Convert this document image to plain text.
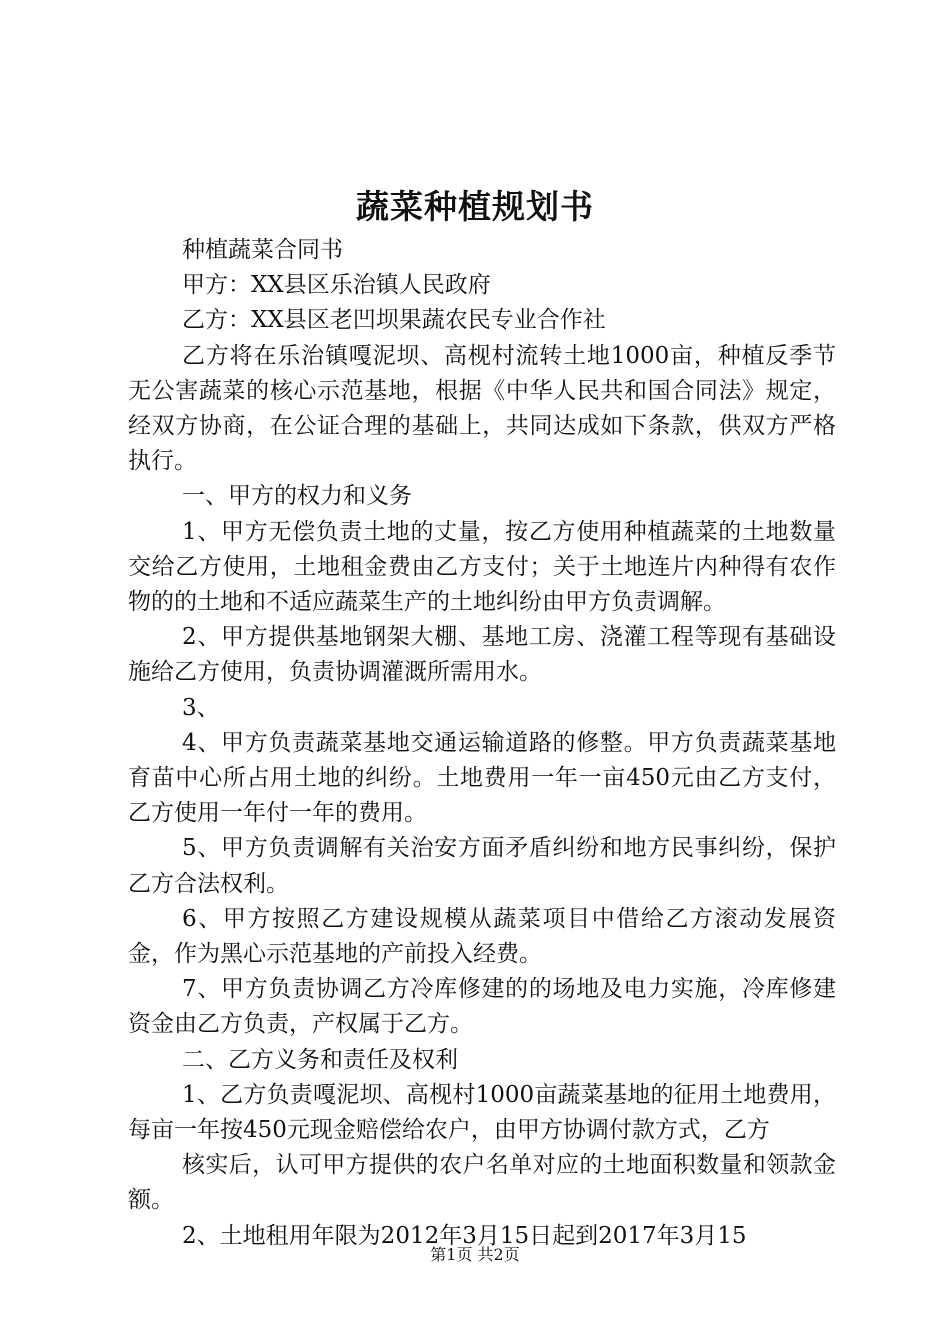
蔬菜种植规划书

种植蔬菜合同书

甲方：XX县区乐治镇人民政府

乙方：XX县区老凹坝果蔬农民专业合作社

乙方将在乐治镇嘎泥坝、高枧村流转土地1000亩，种植反季节无公害蔬菜的核心示范基地，根据《中华人民共和国合同法》规定，经双方协商，在公证合理的基础上，共同达成如下条款，供双方严格执行。

一、甲方的权力和义务

1、甲方无偿负责土地的丈量，按乙方使用种植蔬菜的土地数量交给乙方使用，土地租金费由乙方支付；关于土地连片内种得有农作物的的土地和不适应蔬菜生产的土地纠纷由甲方负责调解。

2、甲方提供基地钢架大棚、基地工房、浇灌工程等现有基础设施给乙方使用，负责协调灌溉所需用水。

3、

4、甲方负责蔬菜基地交通运输道路的修整。甲方负责蔬菜基地育苗中心所占用土地的纠纷。土地费用一年一亩450元由乙方支付，乙方使用一年付一年的费用。

5、甲方负责调解有关治安方面矛盾纠纷和地方民事纠纷，保护乙方合法权利。

6、甲方按照乙方建设规模从蔬菜项目中借给乙方滚动发展资金，作为黑心示范基地的产前投入经费。

7、甲方负责协调乙方冷库修建的的场地及电力实施，冷库修建资金由乙方负责，产权属于乙方。

二、乙方义务和责任及权利

1、乙方负责嘎泥坝、高枧村1000亩蔬菜基地的征用土地费用，每亩一年按450元现金赔偿给农户，由甲方协调付款方式，乙方

核实后，认可甲方提供的农户名单对应的土地面积数量和领款金额。

2、土地租用年限为2012年3月15日起到2017年3月15

第1页 共2页
